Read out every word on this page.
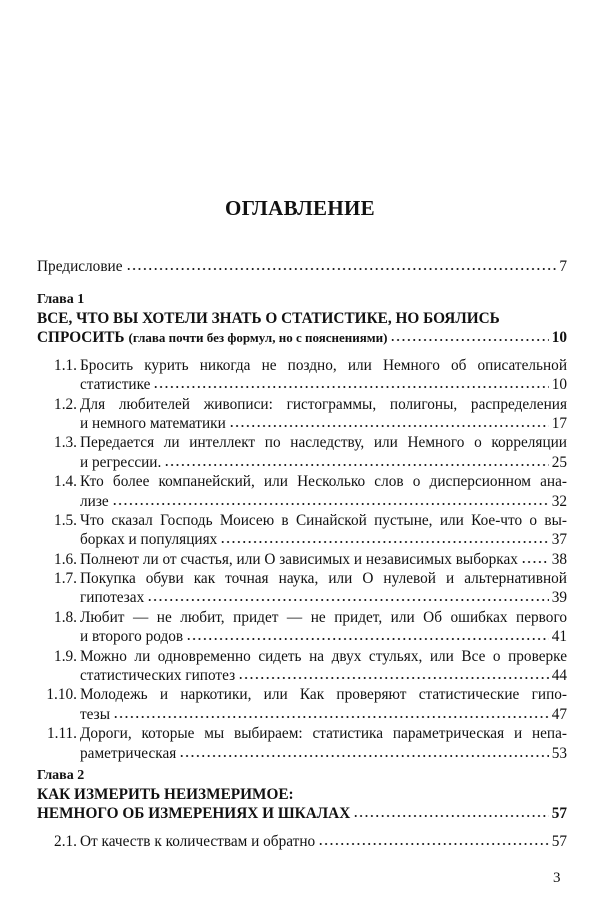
ОГЛАВЛЕНИЕ
Предисловие	7
Глава 1
ВСЕ, ЧТО ВЫ ХОТЕЛИ ЗНАТЬ О СТАТИСТИКЕ, НО БОЯЛИСЬ
СПРОСИТЬ (глава почти без формул, но с пояснениями)	10
1.1. Бросить курить никогда не поздно, или Немного об описательной
статистике	10
1.2. Для любителей живописи: гистограммы, полигоны, распределения
и немного математики	17
1.3. Передается ли интеллект по наследству, или Немного о корреляции
и регрессии.	25
1.4. Кто более компанейский, или Несколько слов о дисперсионном ана-
лизе	32
1.5. Что сказал Господь Моисею в Синайской пустыне, или Кое-что о вы-
борках и популяциях	37
1.6. Полнеют ли от счастья, или О зависимых и независимых выборках 38
1.7. Покупка обуви как точная наука, или О нулевой и альтернативной
гипотезах	39
1.8. Любит — не любит, придет — не придет, или Об ошибках первого
и второго родов	41
1.9. Можно ли одновременно сидеть на двух стульях, или Все о проверке
статистических гипотез	44
1.10. Молодежь и наркотики, или Как проверяют статистические гипо-
тезы	47
1.11. Дороги, которые мы выбираем: статистика параметрическая и непа-
раметрическая	53
Глава 2
КАК ИЗМЕРИТЬ НЕИЗМЕРИМОЕ:
НЕМНОГО ОБ ИЗМЕРЕНИЯХ И ШКАЛАХ	57
2.1. От качеств к количествам и обратно	57
3
